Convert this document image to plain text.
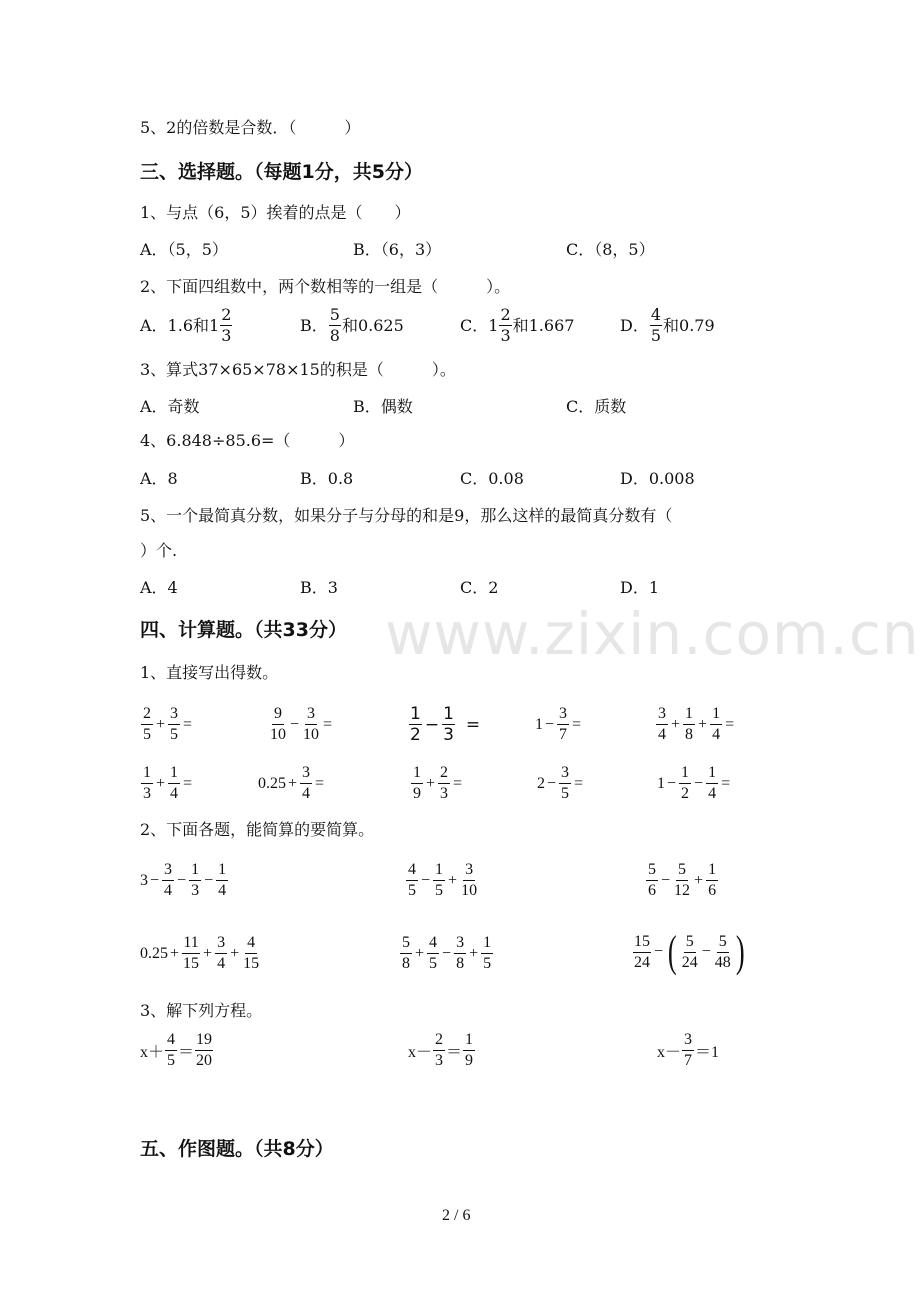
www.zixin.com.cn
5、2的倍数是合数．（　　　）
三、选择题。（每题1分，共5分）
1、与点（6，5）挨着的点是（　　）
A．（5，5）	B．（6，3）	C．（8，5）
2、下面四组数中，两个数相等的一组是（　　　）。
A．1.6和$1 \frac{2}{3}$	B． $\frac{5}{8}$ 和0.625	C．$1 \frac{2}{3}$ 和1.667	D． $\frac{4}{5}$ 和0.79
3、算式37×65×78×15的积是（　　　）。
A．奇数	B．偶数	C．质数
4、6.848÷85.6=（　　　）
A．8	B．0.8	C．0.08	D．0.008
5、一个最简真分数，如果分子与分母的和是9，那么这样的最简真分数有（
）个.
A．4	B．3	C．2	D．1
四、计算题。（共33分）
1、直接写出得数。
$\frac{2}{5} + \frac{3}{5}$ =	$\frac{9}{10} - \frac{3}{10}$ =	$\frac{1}{2} - \frac{1}{3}$ =	$1 - \frac{3}{7}$ =	$\frac{3}{4} + \frac{1}{8} + \frac{1}{4}$ =
$\frac{1}{3} + \frac{1}{4}$ =	$0.25 + \frac{3}{4}$ =	$\frac{1}{9} + \frac{2}{3}$ =	$2 - \frac{3}{5}$ =	$1 - \frac{1}{2} - \frac{1}{4}$ =
2、下面各题，能简算的要简算。
$3 - \frac{3}{4} - \frac{1}{3} - \frac{1}{4}$	$\frac{4}{5} - \frac{1}{5} + \frac{3}{10}$	$\frac{5}{6} - \frac{5}{12} + \frac{1}{6}$
$0.25 + \frac{11}{15} + \frac{3}{4} + \frac{4}{15}$	$\frac{5}{8} + \frac{4}{5} - \frac{3}{8} + \frac{1}{5}$	$\frac{15}{24}$ − ( $\frac{5}{24} - \frac{5}{48}$ )
3、解下列方程。
$x+ \frac{4}{5} = \frac{19}{20}$	$x- \frac{2}{3} = \frac{1}{9}$	$x- \frac{3}{7} =1$
五、作图题。（共8分）
2 / 6
